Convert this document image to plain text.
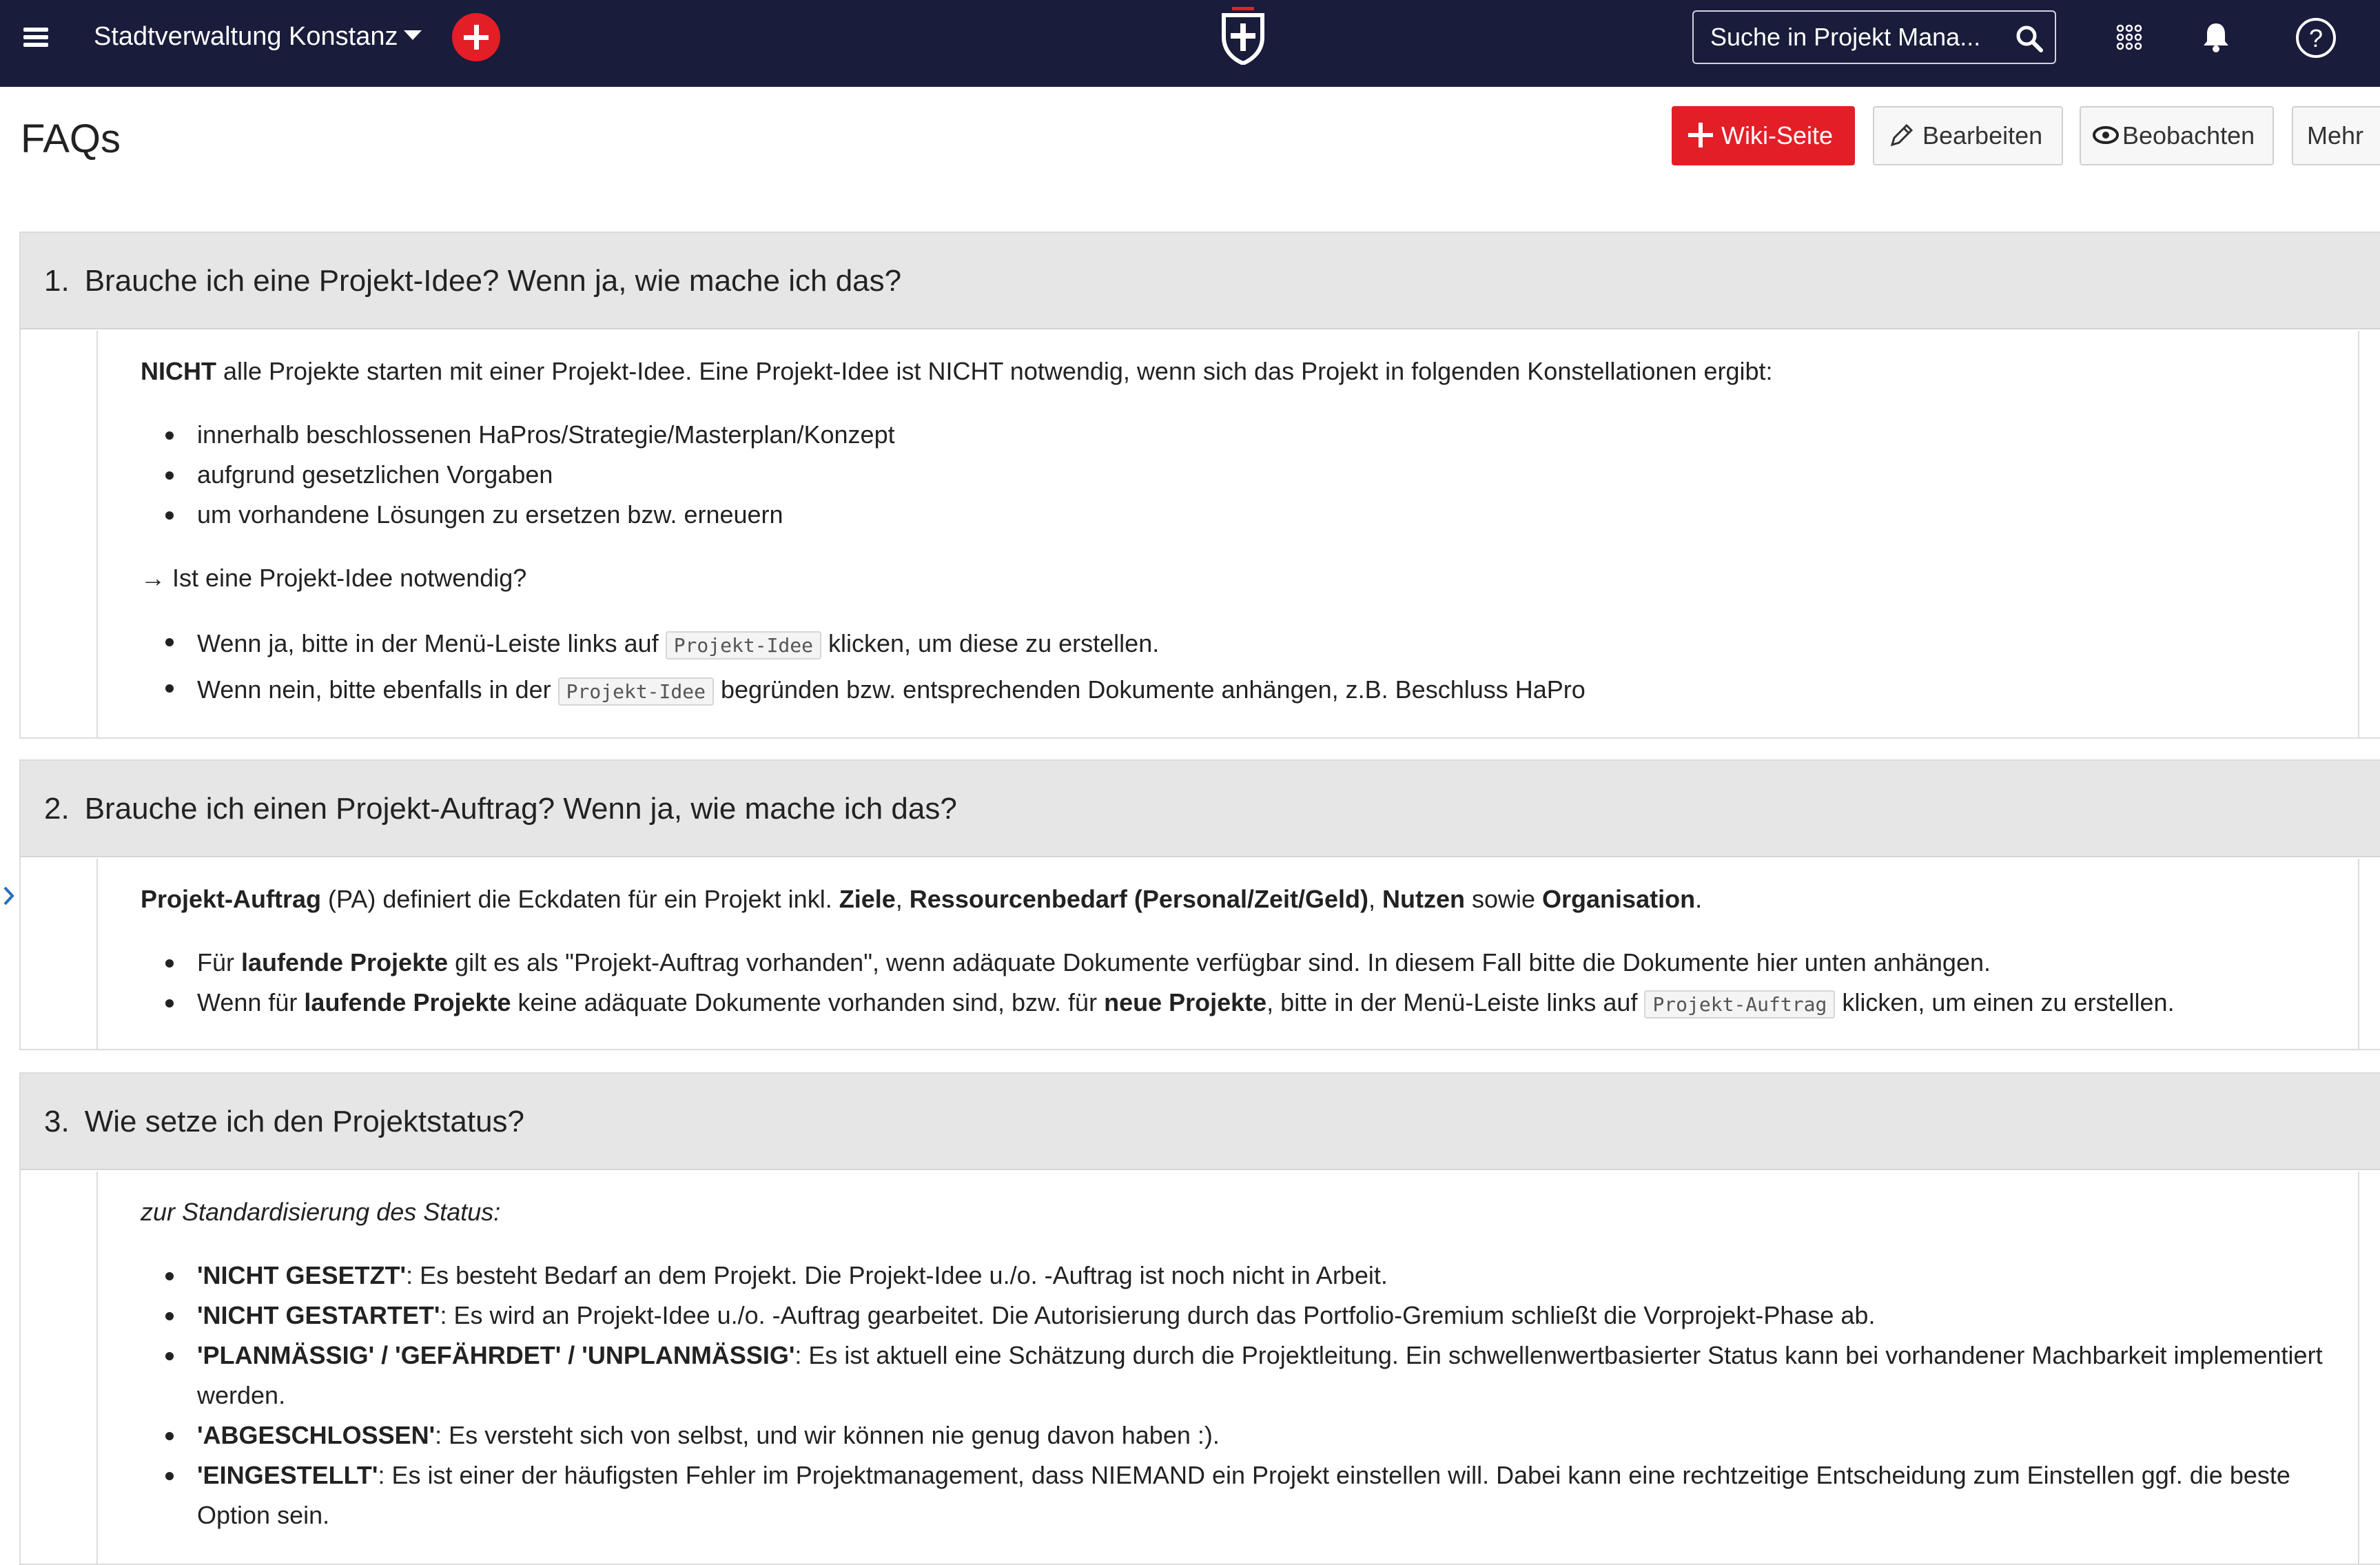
Stadtverwaltung Konstanz	Suche in Projekt Mana...	?
FAQs	Wiki-Seite	Bearbeiten	Beobachten	Mehr
1. Brauche ich eine Projekt-Idee? Wenn ja, wie mache ich das?
NICHT alle Projekte starten mit einer Projekt-Idee. Eine Projekt-Idee ist NICHT notwendig, wenn sich das Projekt in folgenden Konstellationen ergibt:
innerhalb beschlossenen HaPros/Strategie/Masterplan/Konzept
aufgrund gesetzlichen Vorgaben
um vorhandene Lösungen zu ersetzen bzw. erneuern
→ Ist eine Projekt-Idee notwendig?
Wenn ja, bitte in der Menü-Leiste links auf Projekt-Idee klicken, um diese zu erstellen.
Wenn nein, bitte ebenfalls in der Projekt-Idee begründen bzw. entsprechenden Dokumente anhängen, z.B. Beschluss HaPro
2. Brauche ich einen Projekt-Auftrag? Wenn ja, wie mache ich das?
Projekt-Auftrag (PA) definiert die Eckdaten für ein Projekt inkl. Ziele, Ressourcenbedarf (Personal/Zeit/Geld), Nutzen sowie Organisation.
Für laufende Projekte gilt es als "Projekt-Auftrag vorhanden", wenn adäquate Dokumente verfügbar sind. In diesem Fall bitte die Dokumente hier unten anhängen.
Wenn für laufende Projekte keine adäquate Dokumente vorhanden sind, bzw. für neue Projekte, bitte in der Menü-Leiste links auf Projekt-Auftrag klicken, um einen zu erstellen.
3. Wie setze ich den Projektstatus?
zur Standardisierung des Status:
'NICHT GESETZT': Es besteht Bedarf an dem Projekt. Die Projekt-Idee u./o. -Auftrag ist noch nicht in Arbeit.
'NICHT GESTARTET': Es wird an Projekt-Idee u./o. -Auftrag gearbeitet. Die Autorisierung durch das Portfolio-Gremium schließt die Vorprojekt-Phase ab.
'PLANMÄSSIG' / 'GEFÄHRDET' / 'UNPLANMÄSSIG': Es ist aktuell eine Schätzung durch die Projektleitung. Ein schwellenwertbasierter Status kann bei vorhandener Machbarkeit implementiert werden.
'ABGESCHLOSSEN': Es versteht sich von selbst, und wir können nie genug davon haben :).
'EINGESTELLT': Es ist einer der häufigsten Fehler im Projektmanagement, dass NIEMAND ein Projekt einstellen will. Dabei kann eine rechtzeitige Entscheidung zum Einstellen ggf. die beste Option sein.
